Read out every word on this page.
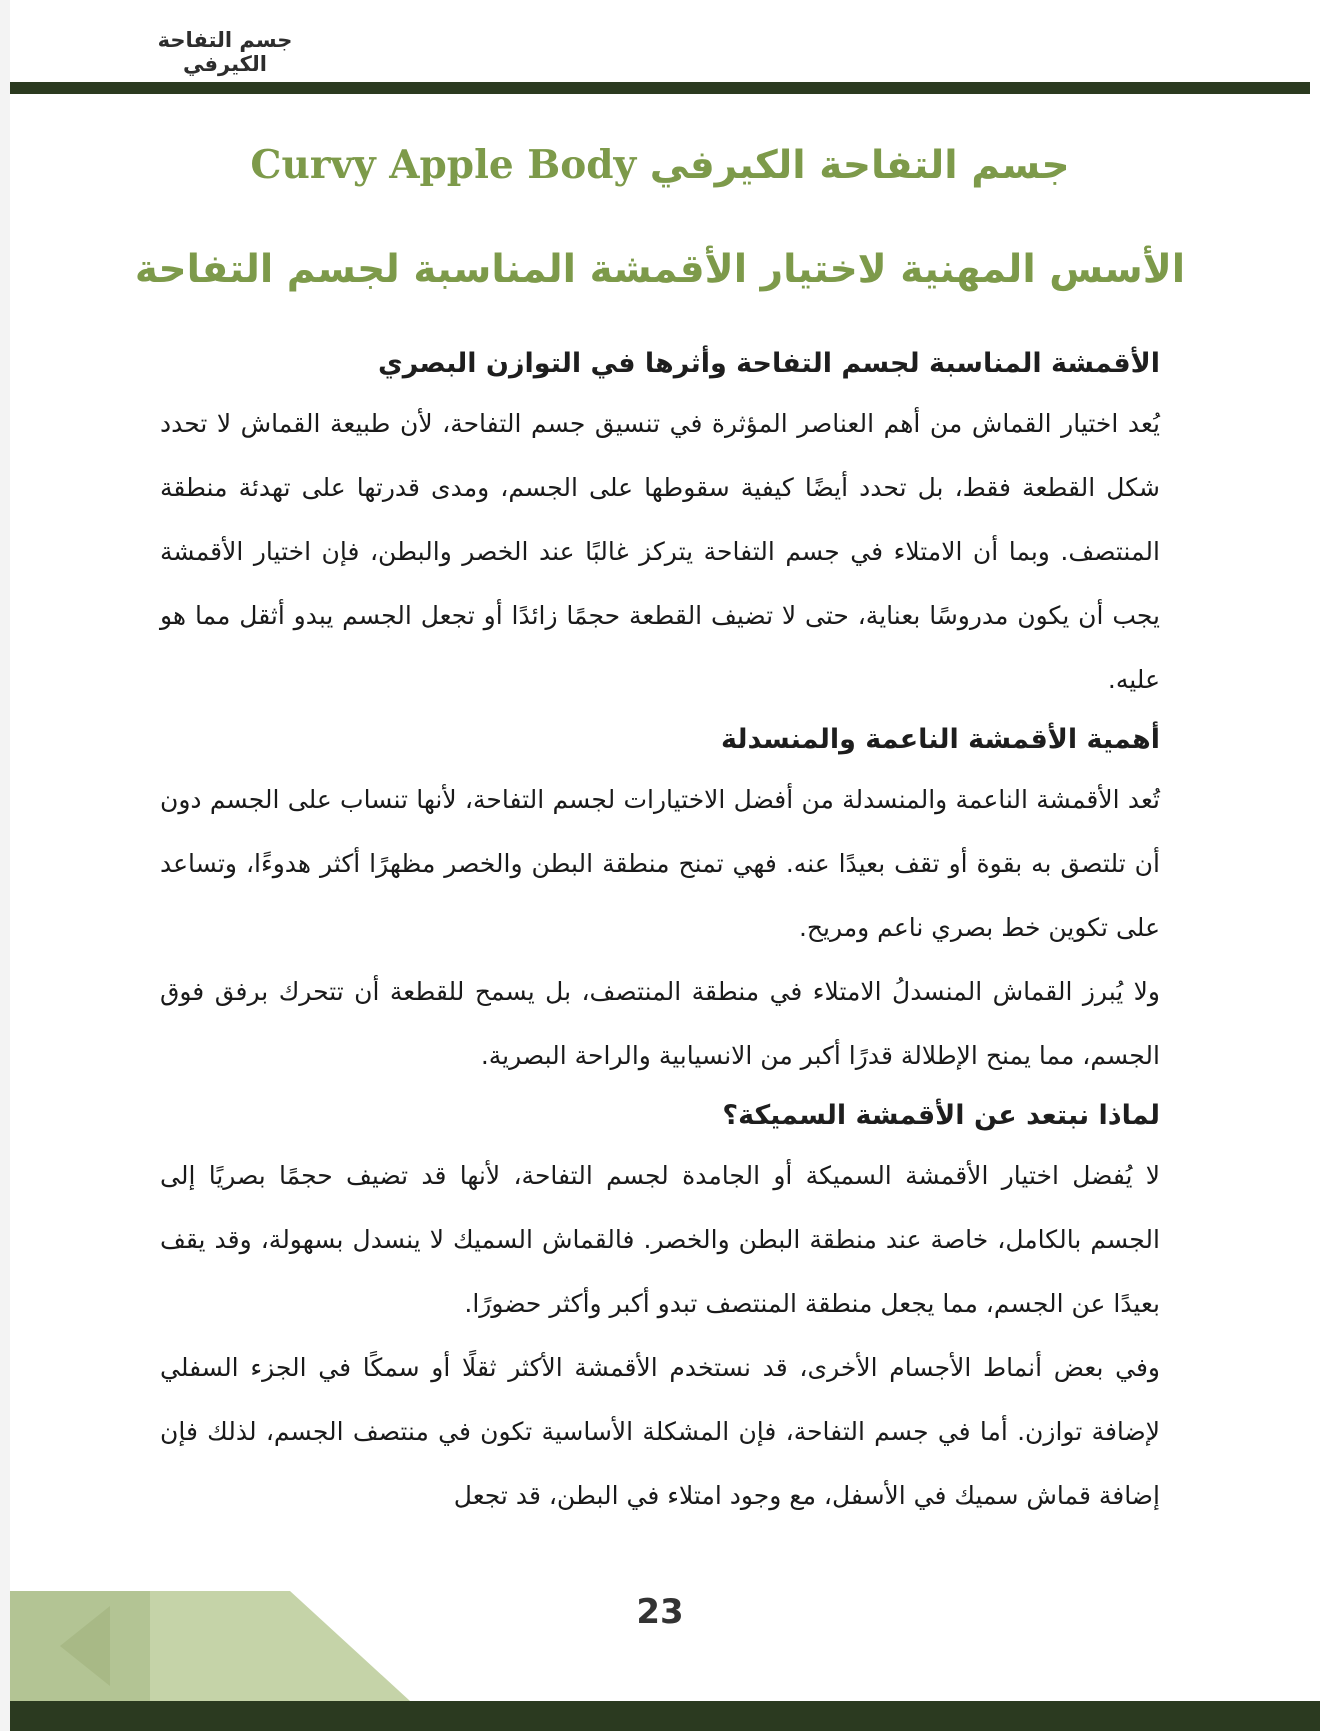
جسم التفاحة الكيرفي
جسم التفاحة الكيرفي Curvy Apple Body
الأسس المهنية لاختيار الأقمشة المناسبة لجسم التفاحة

الأقمشة المناسبة لجسم التفاحة وأثرها في التوازن البصري

يُعد اختيار القماش من أهم العناصر المؤثرة في تنسيق جسم التفاحة، لأن طبيعة القماش لا تحدد شكل القطعة فقط، بل تحدد أيضًا كيفية سقوطها على الجسم، ومدى قدرتها على تهدئة منطقة المنتصف. وبما أن الامتلاء في جسم التفاحة يتركز غالبًا عند الخصر والبطن، فإن اختيار الأقمشة يجب أن يكون مدروسًا بعناية، حتى لا تضيف القطعة حجمًا زائدًا أو تجعل الجسم يبدو أثقل مما هو عليه.

أهمية الأقمشة الناعمة والمنسدلة

تُعد الأقمشة الناعمة والمنسدلة من أفضل الاختيارات لجسم التفاحة، لأنها تنساب على الجسم دون أن تلتصق به بقوة أو تقف بعيدًا عنه. فهي تمنح منطقة البطن والخصر مظهرًا أكثر هدوءًا، وتساعد على تكوين خط بصري ناعم ومريح.

ولا يُبرز القماش المنسدلُ الامتلاء في منطقة المنتصف، بل يسمح للقطعة أن تتحرك برفق فوق الجسم، مما يمنح الإطلالة قدرًا أكبر من الانسيابية والراحة البصرية.

لماذا نبتعد عن الأقمشة السميكة؟

لا يُفضل اختيار الأقمشة السميكة أو الجامدة لجسم التفاحة، لأنها قد تضيف حجمًا بصريًا إلى الجسم بالكامل، خاصة عند منطقة البطن والخصر. فالقماش السميك لا ينسدل بسهولة، وقد يقف بعيدًا عن الجسم، مما يجعل منطقة المنتصف تبدو أكبر وأكثر حضورًا.

وفي بعض أنماط الأجسام الأخرى، قد نستخدم الأقمشة الأكثر ثقلًا أو سمكًا في الجزء السفلي لإضافة توازن. أما في جسم التفاحة، فإن المشكلة الأساسية تكون في منتصف الجسم، لذلك فإن إضافة قماش سميك في الأسفل، مع وجود امتلاء في البطن، قد تجعل

23
